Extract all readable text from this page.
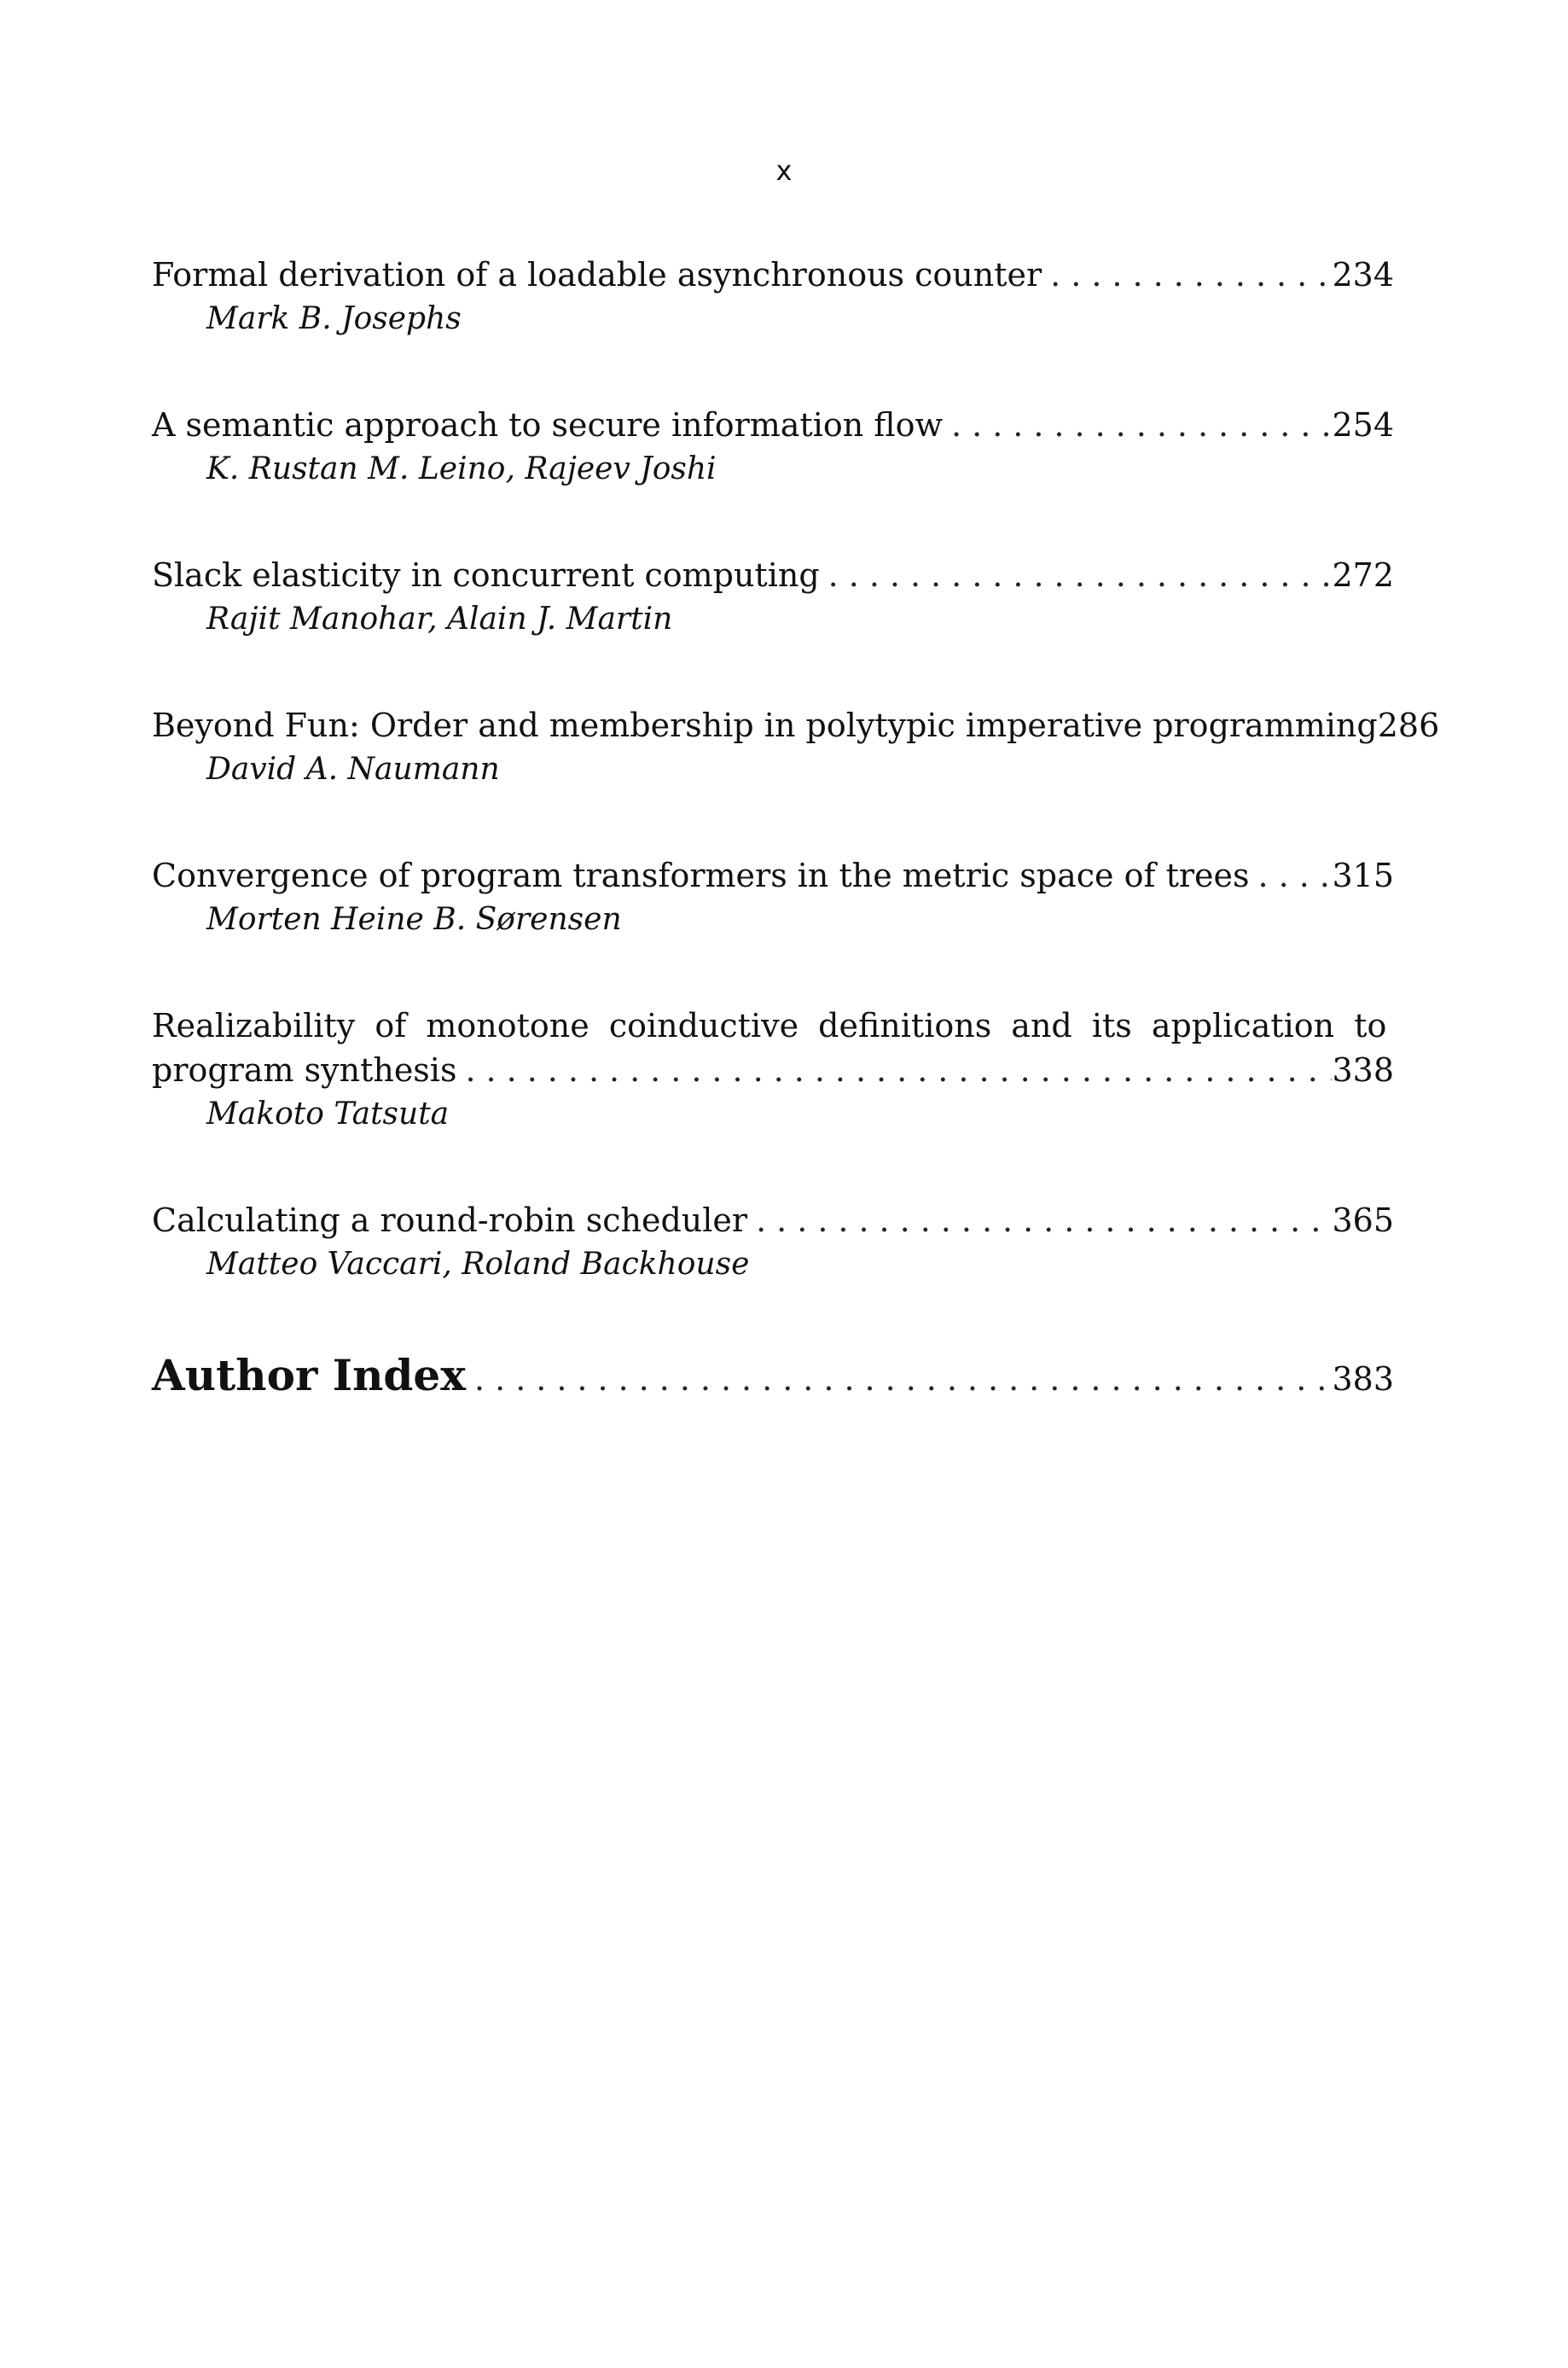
x
Formal derivation of a loadable asynchronous counter .....	234
Mark B. Josephs
A semantic approach to secure information flow .....	254
K. Rustan M. Leino, Rajeev Joshi
Slack elasticity in concurrent computing .....	272
Rajit Manohar, Alain J. Martin
Beyond Fun: Order and membership in polytypic imperative programming 286
David A. Naumann
Convergence of program transformers in the metric space of trees .....	315
Morten Heine B. Sørensen
Realizability of monotone coinductive definitions and its application to
program synthesis .....	338
Makoto Tatsuta
Calculating a round-robin scheduler .....	365
Matteo Vaccari, Roland Backhouse
Author Index .....	383
